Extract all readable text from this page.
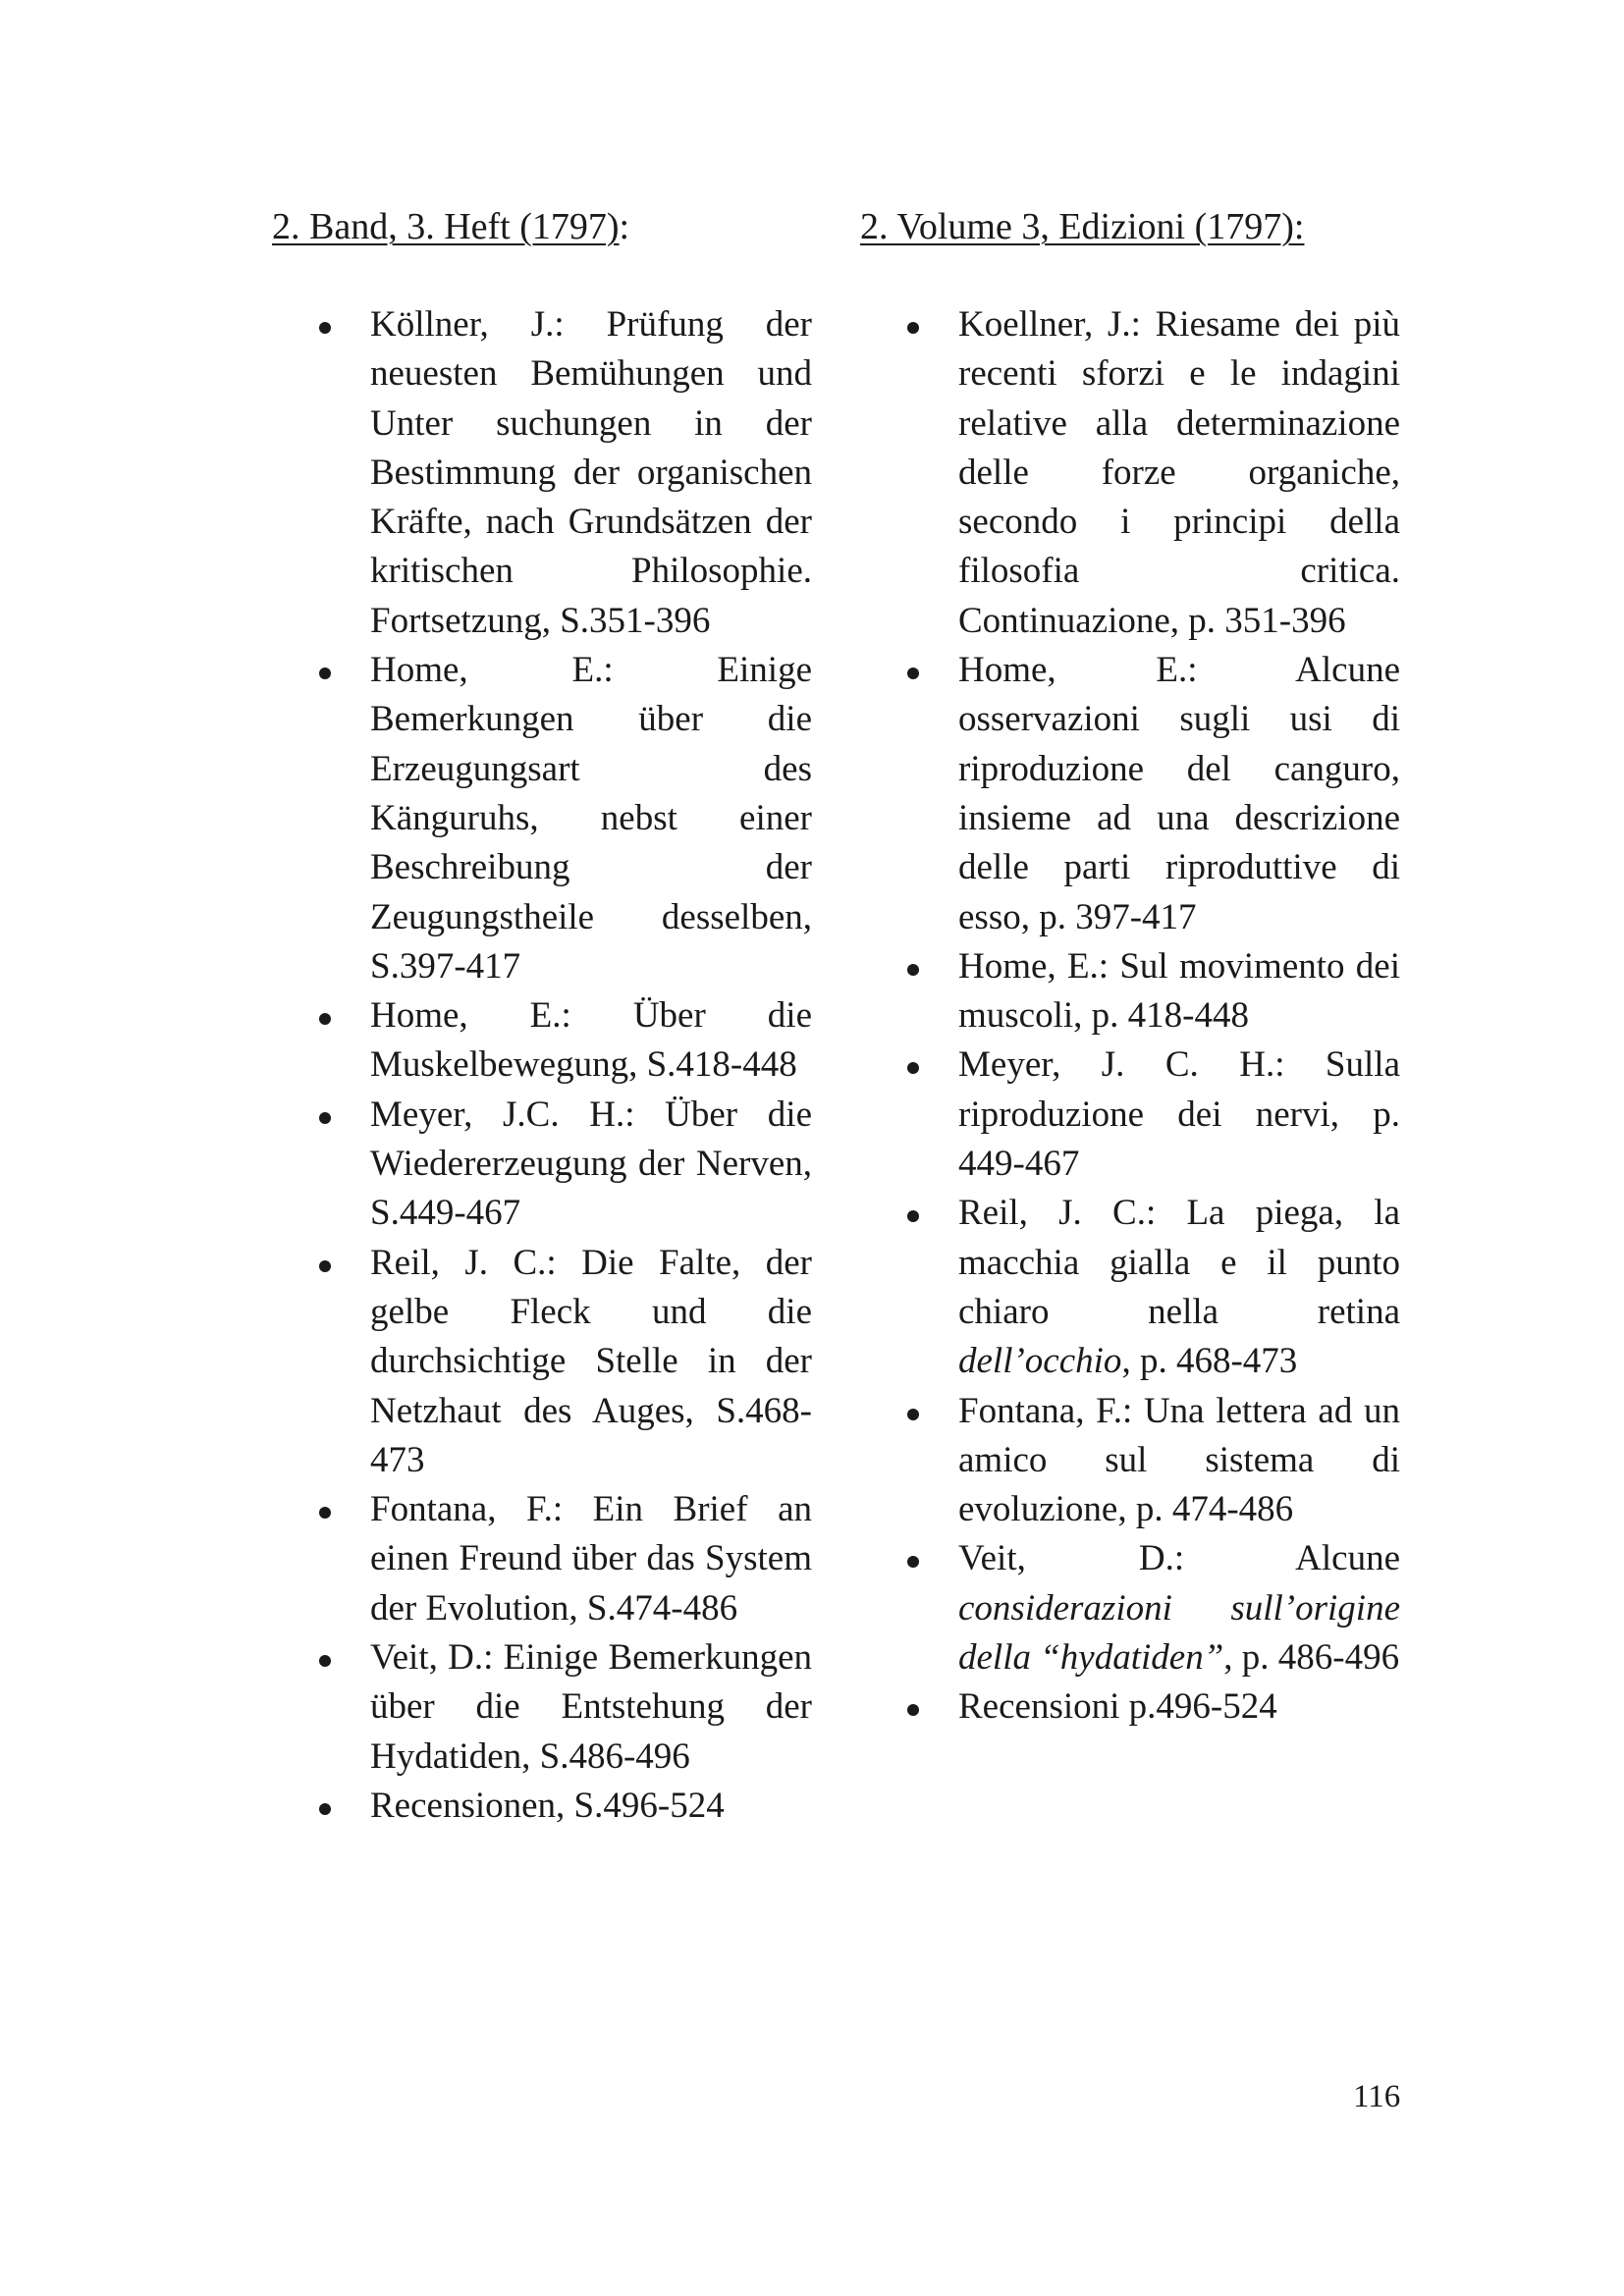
2. Band, 3. Heft (1797):

Köllner, J.: Prüfung der neuesten Bemühungen und Unter suchungen in der Bestimmung der organischen Kräfte, nach Grundsätzen der kritischen Philosophie. Fortsetzung, S.351-396
Home, E.: Einige Bemerkungen über die Erzeugungsart des Känguruhs, nebst einer Beschreibung der Zeugungstheile desselben, S.397-417
Home, E.: Über die Muskelbewegung, S.418-448
Meyer, J.C. H.: Über die Wiedererzeugung der Nerven, S.449-467
Reil, J. C.: Die Falte, der gelbe Fleck und die durchsichtige Stelle in der Netzhaut des Auges, S.468-473
Fontana, F.: Ein Brief an einen Freund über das System der Evolution, S.474-486
Veit, D.: Einige Bemerkungen über die Entstehung der Hydatiden, S.486-496
Recensionen, S.496-524

2. Volume 3, Edizioni (1797):

Koellner, J.: Riesame dei più recenti sforzi e le indagini relative alla determinazione delle forze organiche, secondo i principi della filosofia critica. Continuazione, p. 351-396
Home, E.: Alcune osservazioni sugli usi di riproduzione del canguro, insieme ad una descrizione delle parti riproduttive di esso, p. 397-417
Home, E.: Sul movimento dei muscoli, p. 418-448
Meyer, J. C. H.: Sulla riproduzione dei nervi, p. 449-467
Reil, J. C.: La piega, la macchia gialla e il punto chiaro nella retina dell’occhio, p. 468-473
Fontana, F.: Una lettera ad un amico sul sistema di evoluzione, p. 474-486
Veit, D.: Alcune considerazioni sull’origine della “hydatiden”, p. 486-496
Recensioni p.496-524
116
